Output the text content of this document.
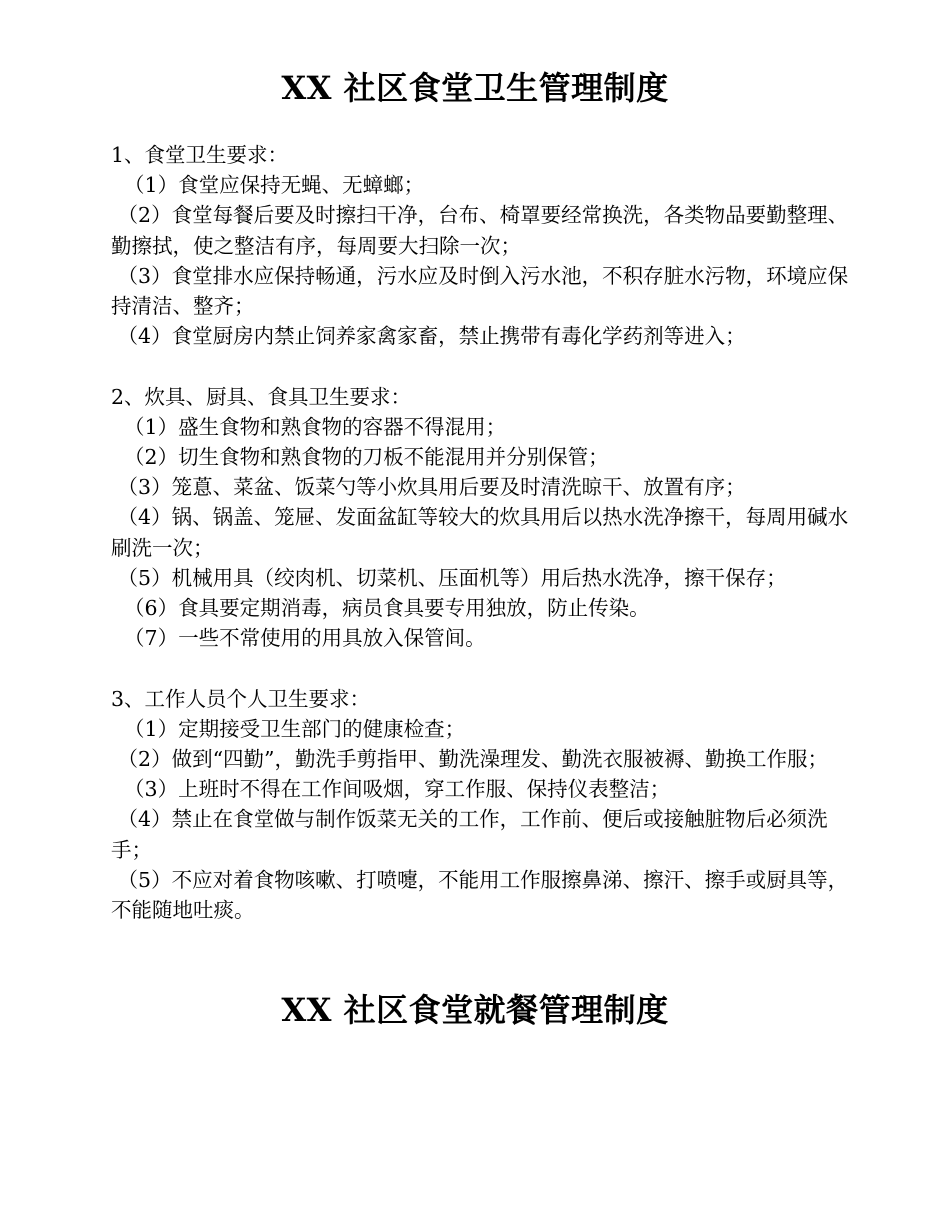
XX 社区食堂卫生管理制度

1、食堂卫生要求：

（1）食堂应保持无蝇、无蟑螂；

（2）食堂每餐后要及时擦扫干净，台布、椅罩要经常换洗，各类物品要勤整理、勤擦拭，使之整洁有序，每周要大扫除一次；

（3）食堂排水应保持畅通，污水应及时倒入污水池，不积存脏水污物，环境应保持清洁、整齐；

（4）食堂厨房内禁止饲养家禽家畜，禁止携带有毒化学药剂等进入；

2、炊具、厨具、食具卫生要求：

（1）盛生食物和熟食物的容器不得混用；

（2）切生食物和熟食物的刀板不能混用并分别保管；

（3）笼蒠、菜盆、饭菜勺等小炊具用后要及时清洗晾干、放置有序；

（4）锅、锅盖、笼屉、发面盆缸等较大的炊具用后以热水洗净擦干，每周用碱水刷洗一次；

（5）机械用具（绞肉机、切菜机、压面机等）用后热水洗净，擦干保存；

（6）食具要定期消毒，病员食具要专用独放，防止传染。

（7）一些不常使用的用具放入保管间。

3、工作人员个人卫生要求：

（1）定期接受卫生部门的健康检查；

（2）做到“四勤”，勤洗手剪指甲、勤洗澡理发、勤洗衣服被褥、勤换工作服；

（3）上班时不得在工作间吸烟，穿工作服、保持仪表整洁；

（4）禁止在食堂做与制作饭菜无关的工作，工作前、便后或接触脏物后必须洗手；

（5）不应对着食物咳嗽、打喷嚏，不能用工作服擦鼻涕、擦汗、擦手或厨具等，不能随地吐痰。

XX 社区食堂就餐管理制度
